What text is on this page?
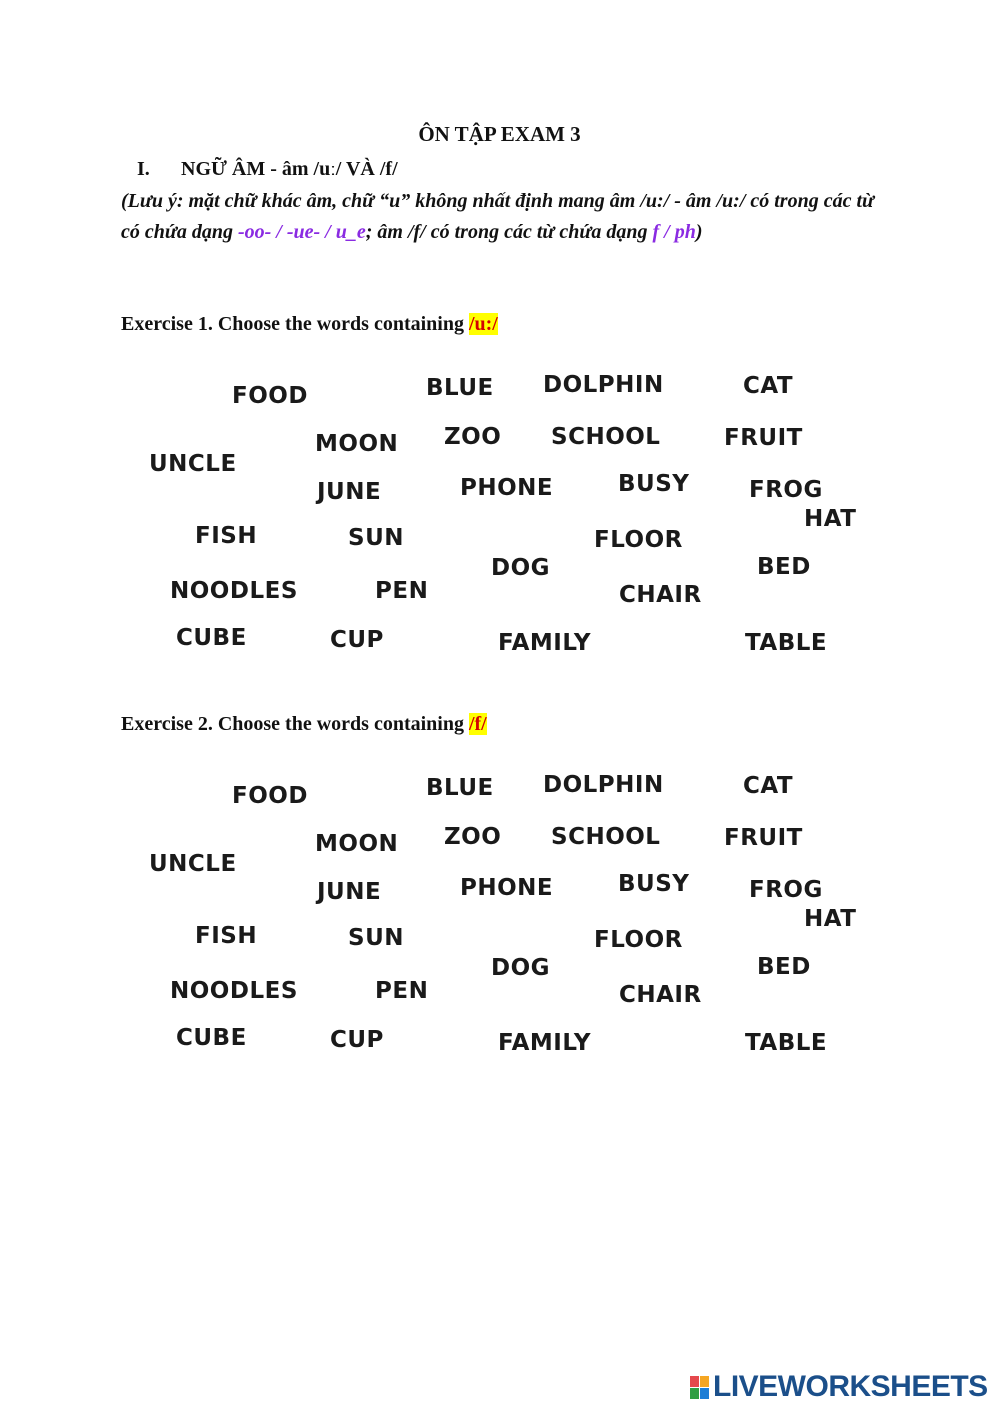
ÔN TẬP EXAM 3
I. NGỮ ÂM - âm /uː/ VÀ /f/
(Lưu ý: mặt chữ khác âm, chữ “u” không nhất định mang âm /u:/ - âm /u:/ có trong các từ có chứa dạng -oo- / -ue- / u_e; âm /f/ có trong các từ chứa dạng f / ph)
Exercise 1. Choose the words containing /u:/
FOOD	BLUE DOLPHIN	CAT
UNCLE
MOON ZOO SCHOOL	FRUIT
JUNE	PHONE	BUSY	FROG
HAT
FISH	SUN	FLOOR
DOG	BED
NOODLES	PEN	CHAIR
CUBE	CUP	FAMILY	TABLE
Exercise 2. Choose the words containing /f/
FOOD	BLUE DOLPHIN	CAT
UNCLE
MOON ZOO SCHOOL	FRUIT
JUNE	PHONE	BUSY	FROG
HAT
FISH	SUN	FLOOR
DOG	BED
NOODLES	PEN	CHAIR
CUBE	CUP	FAMILY	TABLE
LIVEWORKSHEETS
